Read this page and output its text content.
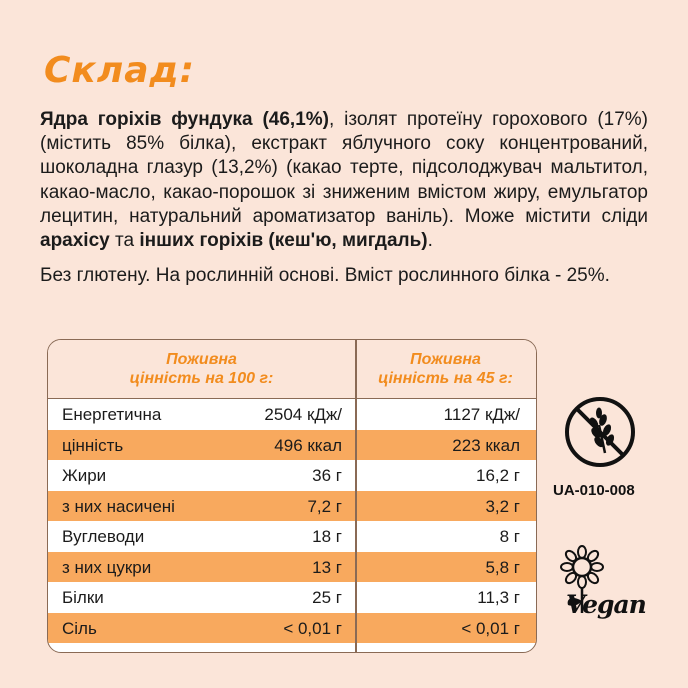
Склад:
Ядра горіхів фундука (46,1%), ізолят протеїну горохового (17%) (містить 85% білка), екстракт яблучного соку концентрований, шоколадна глазур (13,2%) (какао терте, підсолоджувач мальтитол, какао-масло, какао-порошок зі зниженим вмістом жиру, емульгатор лецитин, натуральний ароматизатор ваніль). Може містити сліди арахісу та інших горіхів (кеш'ю, мигдаль).
Без глютену. На рослинній основі. Вміст рослинного білка - 25%.
Поживна
цінність на 100 г:
Поживна
цінність на 45 г:
Енергетична	2504 кДж/	1127 кДж/
цінність	496 ккал	223 ккал
Жири	36 г	16,2 г
з них насичені	7,2 г	3,2 г
Вуглеводи	18 г	8 г
з них цукри	13 г	5,8 г
Білки	25 г	11,3 г
Сіль	< 0,01 г	< 0,01 г
UA-010-008
Vegan
